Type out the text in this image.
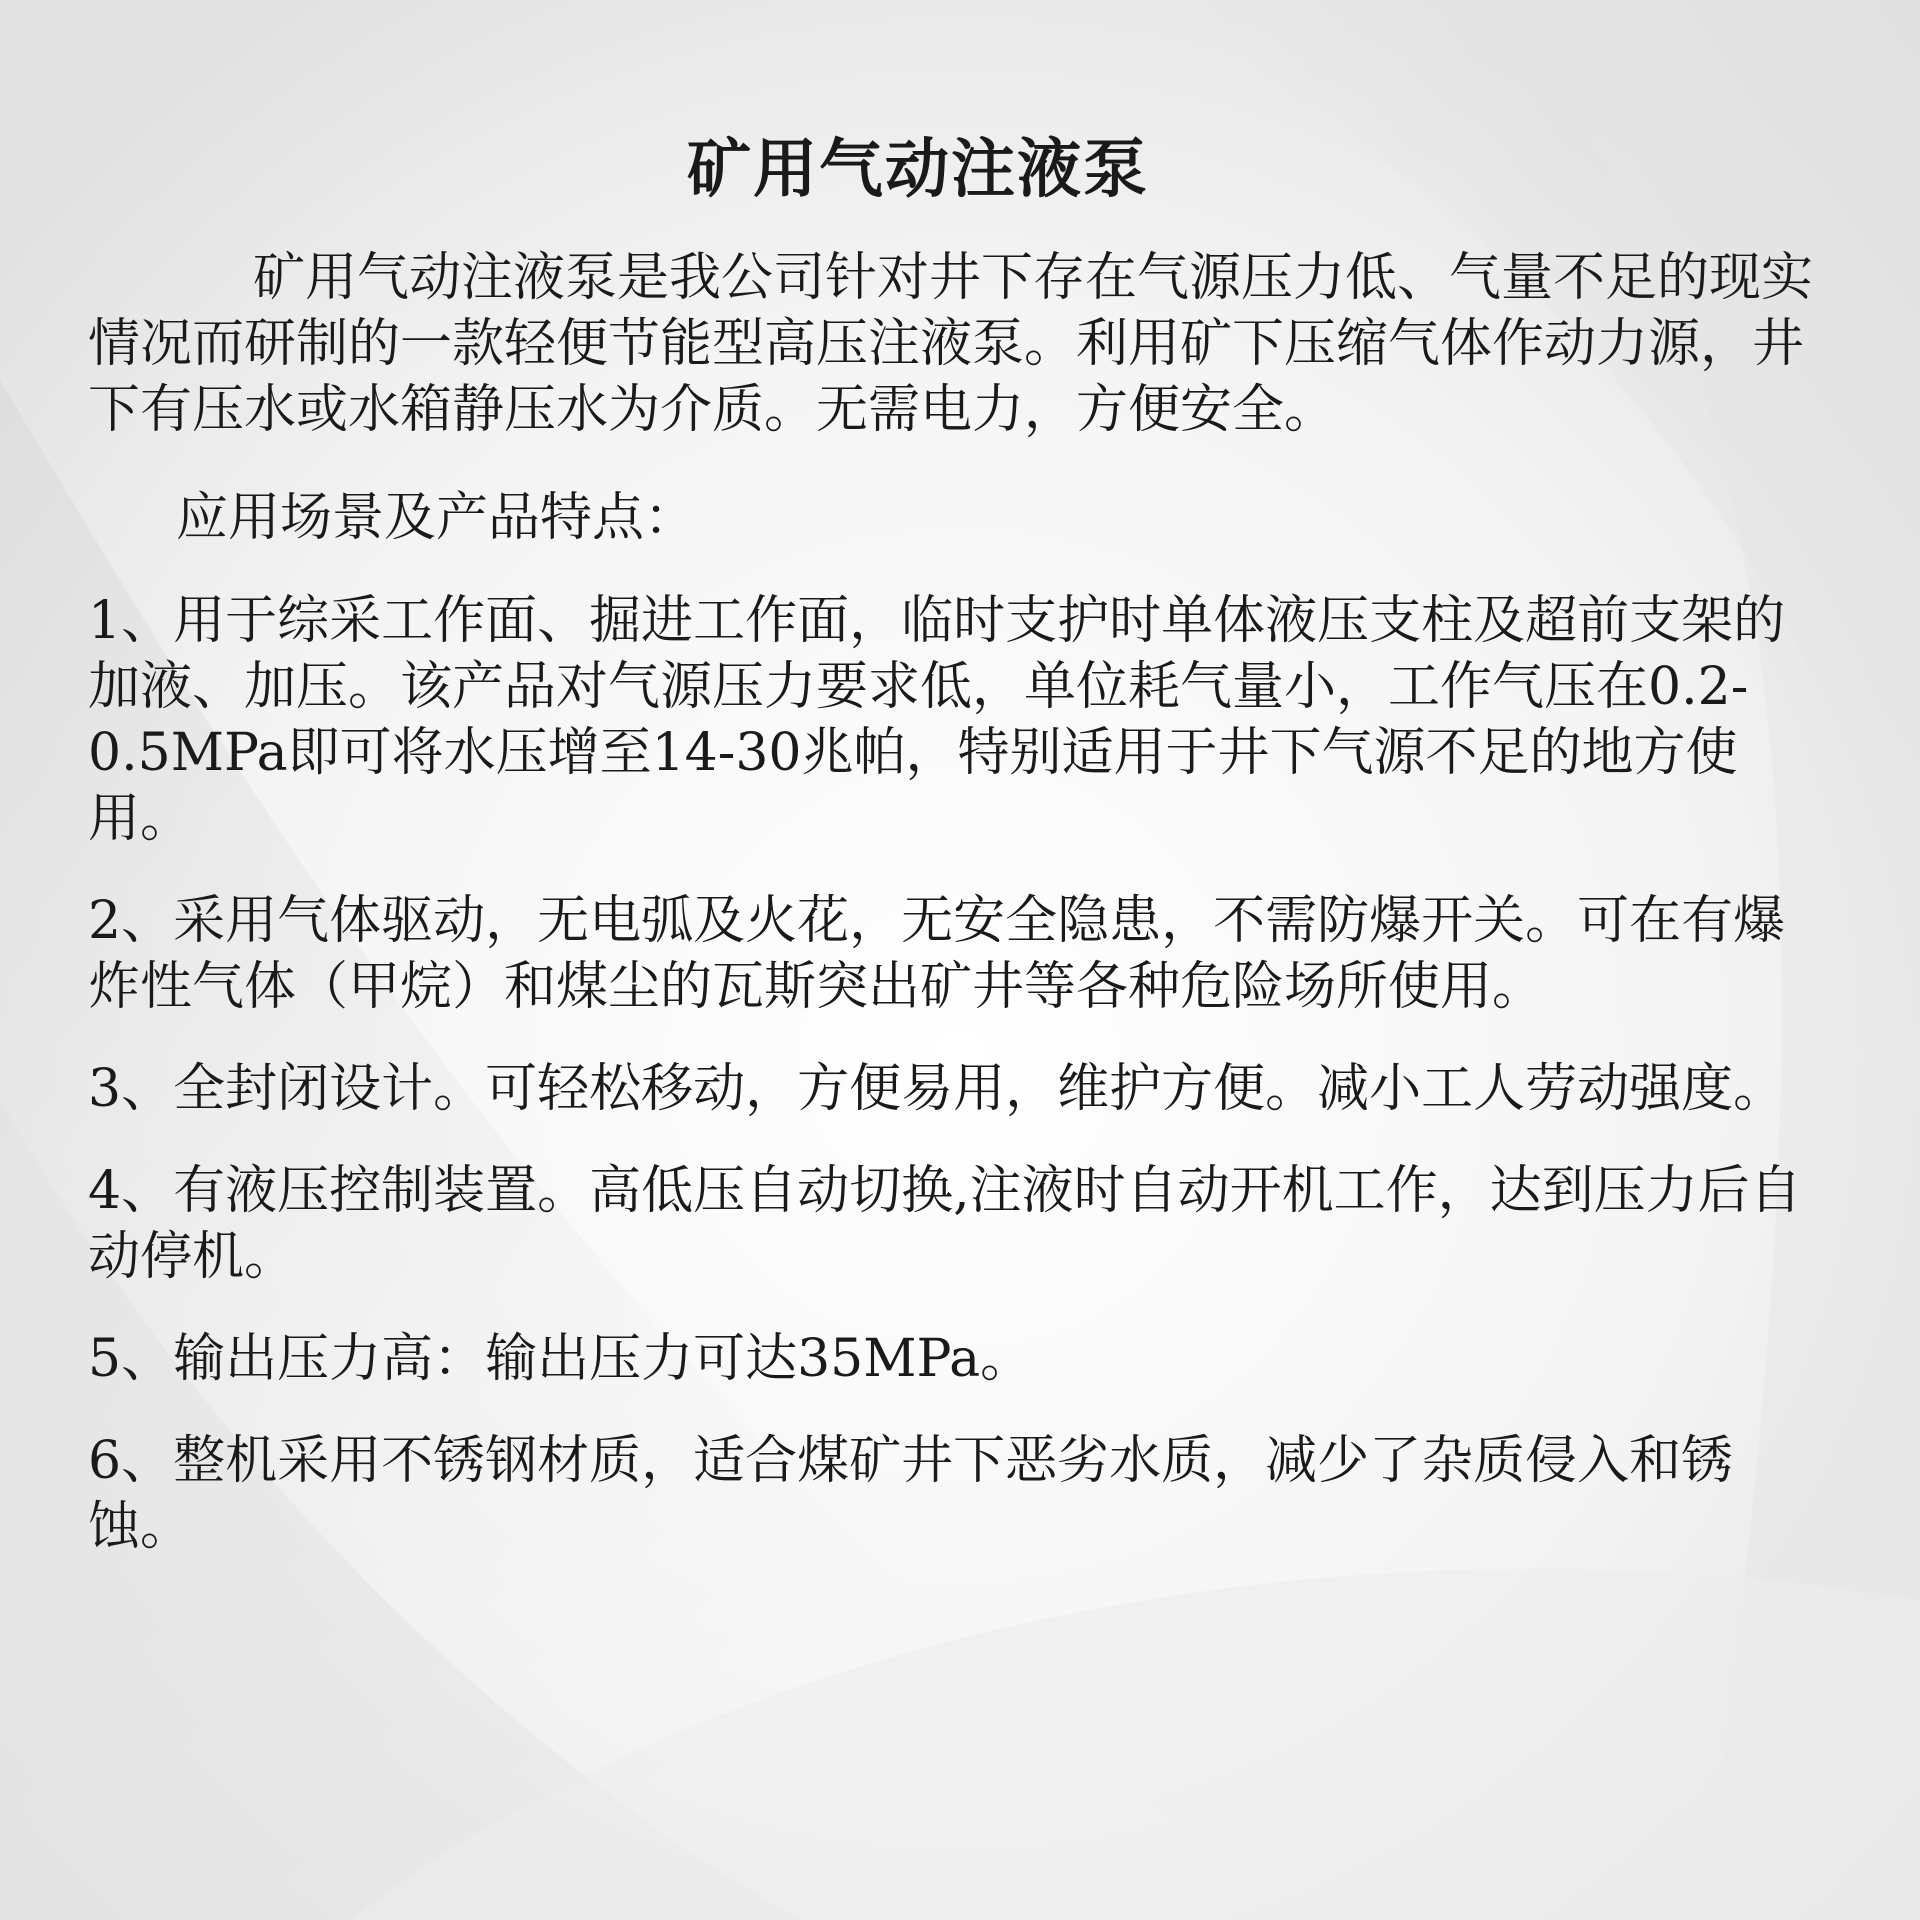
矿用气动注液泵

矿用气动注液泵是我公司针对井下存在气源压力低、气量不足的现实情况而研制的一款轻便节能型高压注液泵。利用矿下压缩气体作动力源，井下有压水或水箱静压水为介质。无需电力，方便安全。

应用场景及产品特点：

1、用于综采工作面、掘进工作面，临时支护时单体液压支柱及超前支架的加液、加压。该产品对气源压力要求低，单位耗气量小，工作气压在0.2-0.5MPa即可将水压增至14-30兆帕，特别适用于井下气源不足的地方使用。
2、采用气体驱动，无电弧及火花，无安全隐患，不需防爆开关。可在有爆炸性气体（甲烷）和煤尘的瓦斯突出矿井等各种危险场所使用。
3、全封闭设计。可轻松移动，方便易用，维护方便。减小工人劳动强度。
4、有液压控制装置。高低压自动切换,注液时自动开机工作，达到压力后自动停机。
5、输出压力高：输出压力可达35MPa。
6、整机采用不锈钢材质，适合煤矿井下恶劣水质，减少了杂质侵入和锈蚀。
